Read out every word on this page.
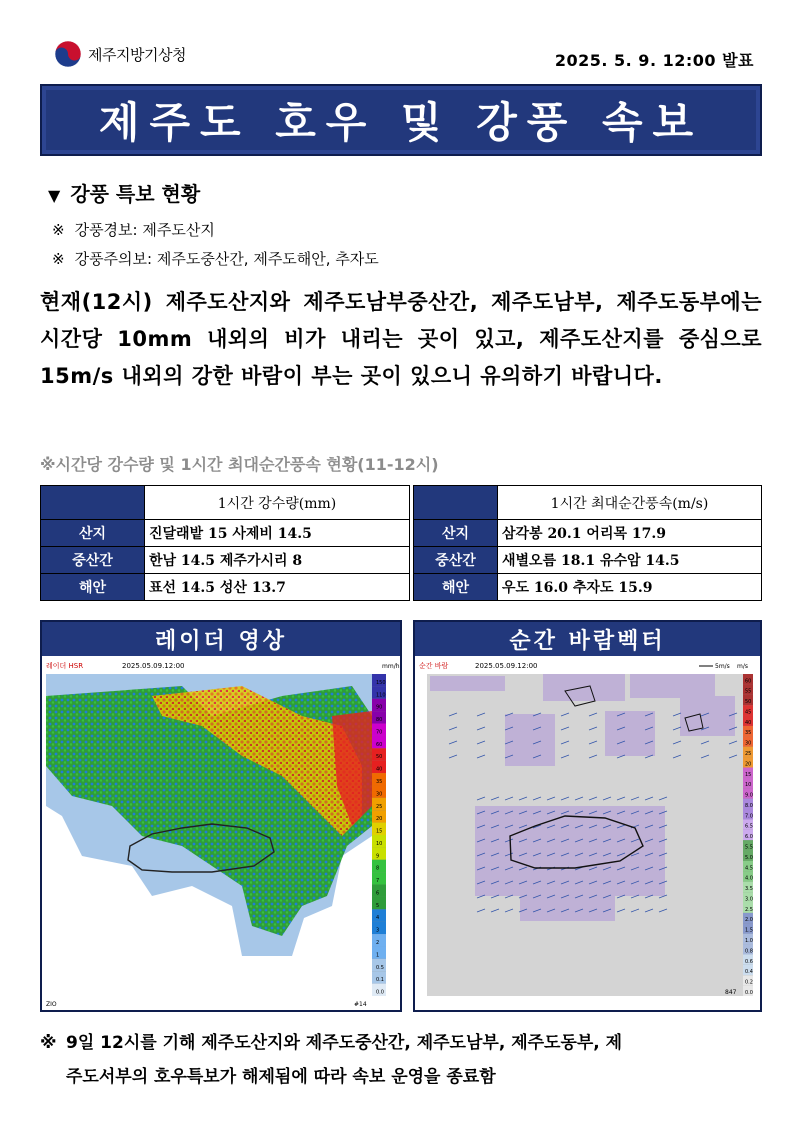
제주지방기상청	2025. 5. 9. 12:00 발표
제주도 호우 및 강풍 속보
▼ 강풍 특보 현황
※ 강풍경보: 제주도산지
※ 강풍주의보: 제주도중산간, 제주도해안, 추자도
현재(12시) 제주도산지와 제주도남부중산간, 제주도남부, 제주도동부에는 시간당 10mm 내외의 비가 내리는 곳이 있고, 제주도산지를 중심으로 15m/s 내외의 강한 바람이 부는 곳이 있으니 유의하기 바랍니다.
※시간당 강수량 및 1시간 최대순간풍속 현황(11-12시)
	1시간 강수량(mm)
산지	진달래밭 15 사제비 14.5
중산간	한남 14.5 제주가시리 8
해안	표선 14.5 성산 13.7
	1시간 최대순간풍속(m/s)
산지	삼각봉 20.1 어리목 17.9
중산간	새별오름 18.1 유수암 14.5
해안	우도 16.0 추자도 15.9
레이더 영상
150
110
90
80
70
60
50
40
35
30
25
20
15
10
9
8
7
6
5
4
3
2
1
0.5
0.1
0.0
레이더 HSR	2025.05.09.12:00	mm/h
ZIO	#14
순간 바람벡터
60
55
50
45
40
35
30
25
20
15
10
9.0
8.0
7.0
6.5
6.0
5.5
5.0
4.5
4.0
3.5
3.0
2.5
2.0
1.5
1.0
0.8
0.6
0.4
0.2
0.0
순간 바람	2025.05.09.12:00	5m/s m/s
847
※ 9일 12시를 기해 제주도산지와 제주도중산간, 제주도남부, 제주도동부, 제
주도서부의 호우특보가 해제됨에 따라 속보 운영을 종료함
